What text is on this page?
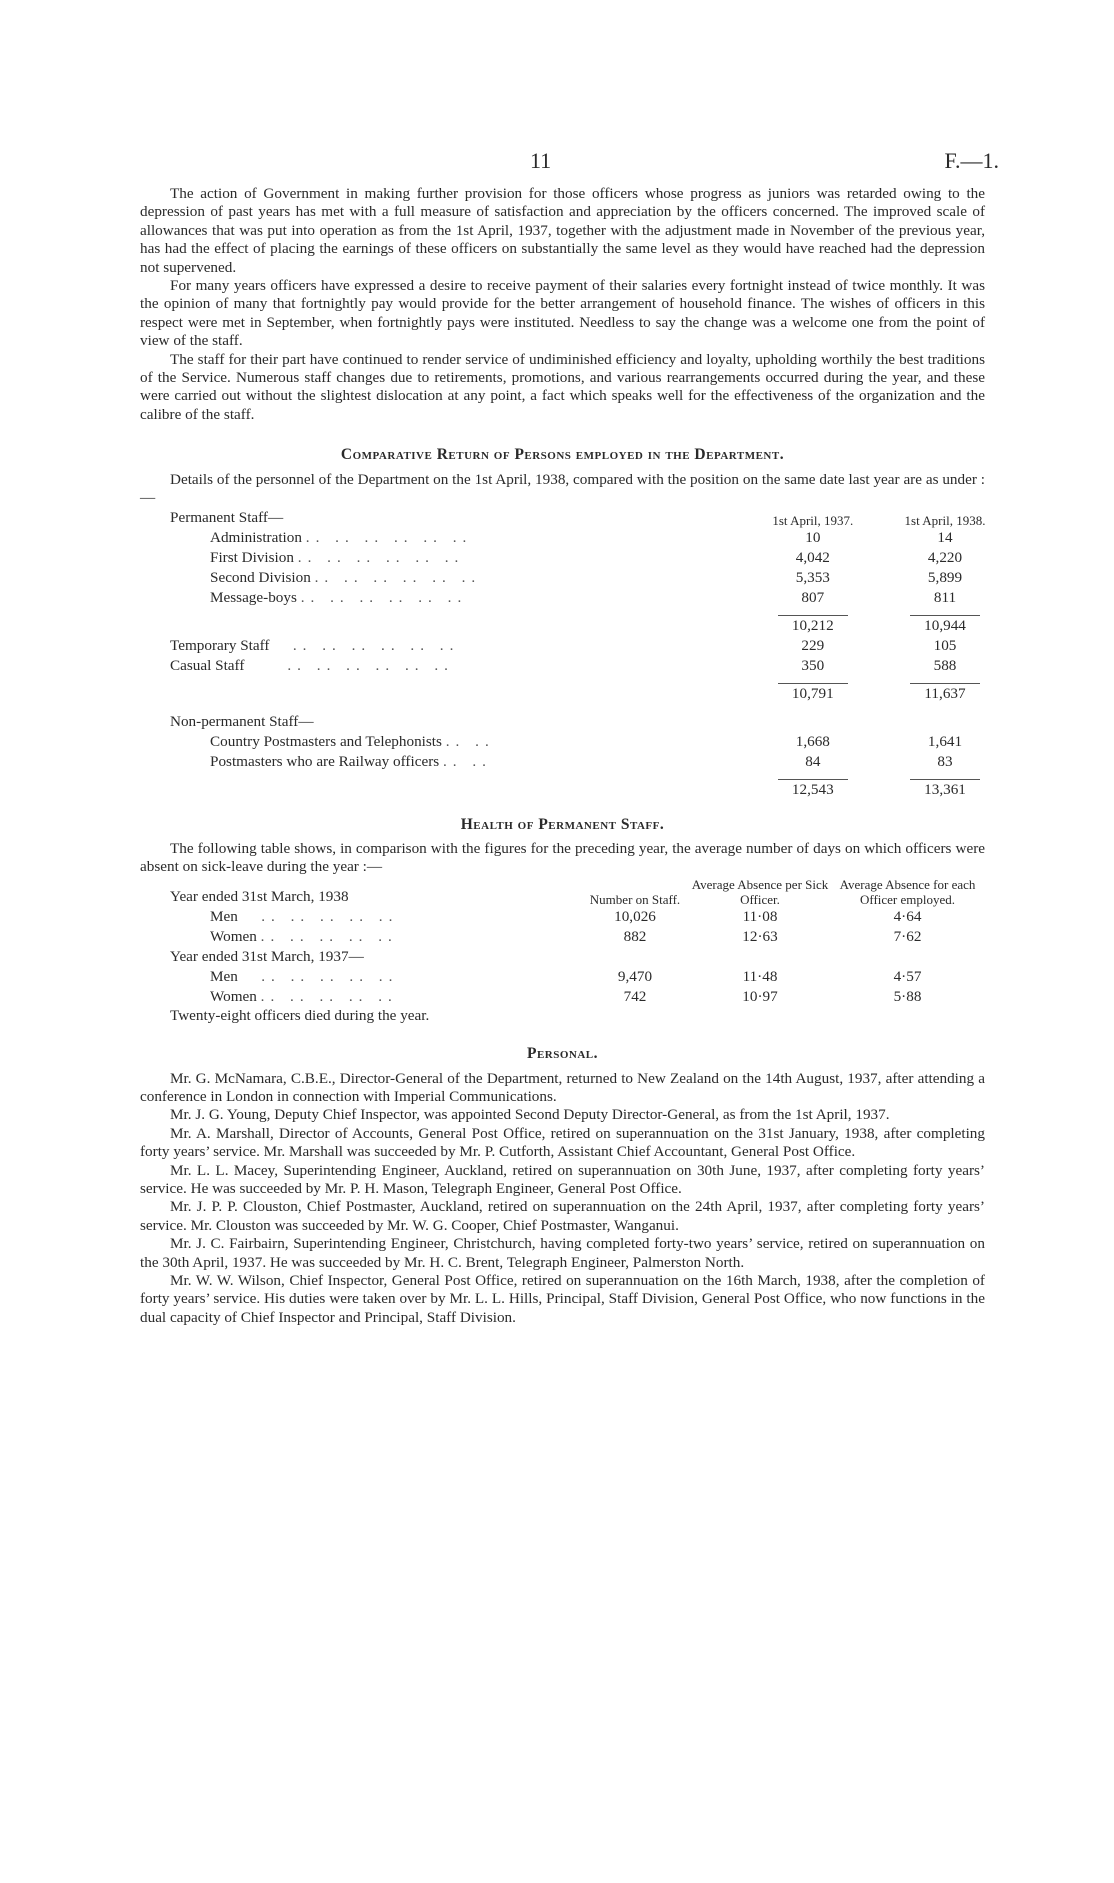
11	F.—1.

The action of Government in making further provision for those officers whose progress as juniors was retarded owing to the depression of past years has met with a full measure of satisfaction and appreciation by the officers concerned. The improved scale of allowances that was put into operation as from the 1st April, 1937, together with the adjustment made in November of the previous year, has had the effect of placing the earnings of these officers on substantially the same level as they would have reached had the depression not supervened.

For many years officers have expressed a desire to receive payment of their salaries every fortnight instead of twice monthly. It was the opinion of many that fortnightly pay would provide for the better arrangement of household finance. The wishes of officers in this respect were met in September, when fortnightly pays were instituted. Needless to say the change was a welcome one from the point of view of the staff.

The staff for their part have continued to render service of undiminished efficiency and loyalty, upholding worthily the best traditions of the Service. Numerous staff changes due to retirements, promotions, and various rearrangements occurred during the year, and these were carried out without the slightest dislocation at any point, a fact which speaks well for the effectiveness of the organization and the calibre of the staff.

Comparative Return of Persons employed in the Department.

Details of the personnel of the Department on the 1st April, 1938, compared with the position on the same date last year are as under :—

Permanent Staff—	1st April, 1937.	1st April, 1938.
Administration .. .. .. .. .. ..	10	14
First Division .. .. .. .. .. ..	4,042	4,220
Second Division .. .. .. .. .. ..	5,353	5,899
Message-boys .. .. .. .. .. ..	807	811

	10,212	10,944
Temporary Staff   .. .. .. .. .. ..	229	105
Casual Staff     .. .. .. .. .. ..	350	588

	10,791	11,637

Non-permanent Staff—		
Country Postmasters and Telephonists .. ..	1,668	1,641
Postmasters who are Railway officers .. ..	84	83

	12,543	13,361
Health of Permanent Staff.

The following table shows, in comparison with the figures for the preceding year, the average number of days on which officers were absent on sick-leave during the year :—

Year ended 31st March, 1938	Number on Staff.	Average Absence per Sick Officer.	Average Absence for each Officer employed.
Men   .. .. .. .. ..	10,026	11·08	4·64
Women .. .. .. .. ..	882	12·63	7·62
Year ended 31st March, 1937—			
Men   .. .. .. .. ..	9,470	11·48	4·57
Women .. .. .. .. ..	742	10·97	5·88

Twenty-eight officers died during the year.

Personal.

Mr. G. McNamara, C.B.E., Director-General of the Department, returned to New Zealand on the 14th August, 1937, after attending a conference in London in connection with Imperial Communications.

Mr. J. G. Young, Deputy Chief Inspector, was appointed Second Deputy Director-General, as from the 1st April, 1937.

Mr. A. Marshall, Director of Accounts, General Post Office, retired on superannuation on the 31st January, 1938, after completing forty years’ service. Mr. Marshall was succeeded by Mr. P. Cutforth, Assistant Chief Accountant, General Post Office.

Mr. L. L. Macey, Superintending Engineer, Auckland, retired on superannuation on 30th June, 1937, after completing forty years’ service. He was succeeded by Mr. P. H. Mason, Telegraph Engineer, General Post Office.

Mr. J. P. P. Clouston, Chief Postmaster, Auckland, retired on superannuation on the 24th April, 1937, after completing forty years’ service. Mr. Clouston was succeeded by Mr. W. G. Cooper, Chief Postmaster, Wanganui.

Mr. J. C. Fairbairn, Superintending Engineer, Christchurch, having completed forty-two years’ service, retired on superannuation on the 30th April, 1937. He was succeeded by Mr. H. C. Brent, Telegraph Engineer, Palmerston North.

Mr. W. W. Wilson, Chief Inspector, General Post Office, retired on superannuation on the 16th March, 1938, after the completion of forty years’ service. His duties were taken over by Mr. L. L. Hills, Principal, Staff Division, General Post Office, who now functions in the dual capacity of Chief Inspector and Principal, Staff Division.
